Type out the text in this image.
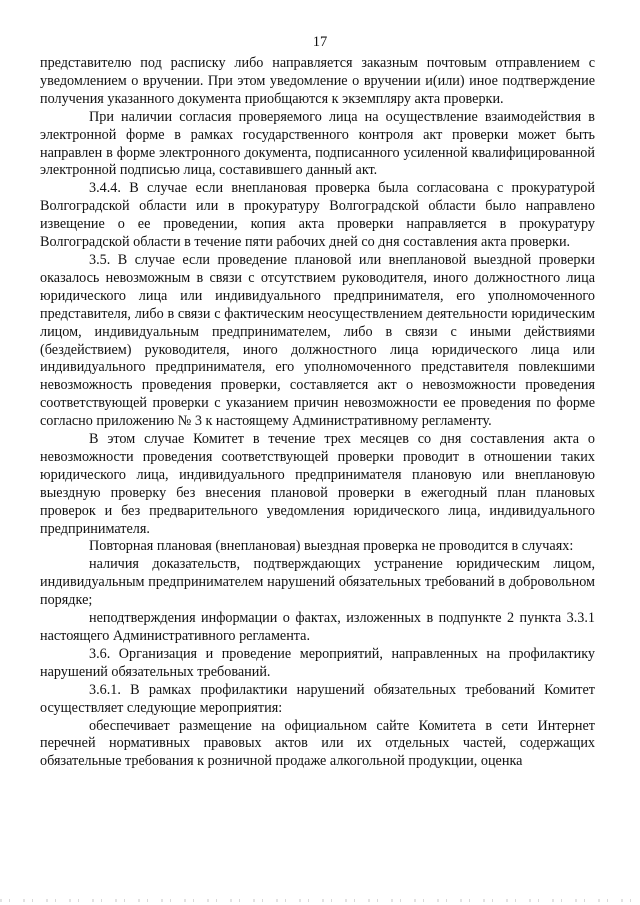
17

представителю под расписку либо направляется заказным почтовым отправлением с уведомлением о вручении. При этом уведомление о вручении и(или) иное подтверждение получения указанного документа приобщаются к экземпляру акта проверки.

При наличии согласия проверяемого лица на осуществление взаимодействия в электронной форме в рамках государственного контроля акт проверки может быть направлен в форме электронного документа, подписанного усиленной квалифицированной электронной подписью лица, составившего данный акт.

3.4.4. В случае если внеплановая проверка была согласована с прокуратурой Волгоградской области или в прокуратуру Волгоградской области было направлено извещение о ее проведении, копия акта проверки направляется в прокуратуру Волгоградской области в течение пяти рабочих дней со дня составления акта проверки.

3.5. В случае если проведение плановой или внеплановой выездной проверки оказалось невозможным в связи с отсутствием руководителя, иного должностного лица юридического лица или индивидуального предпринимателя, его уполномоченного представителя, либо в связи с фактическим неосуществлением деятельности юридическим лицом, индивидуальным предпринимателем, либо в связи с иными действиями (бездействием) руководителя, иного должностного лица юридического лица или индивидуального предпринимателя, его уполномоченного представителя повлекшими невозможность проведения проверки, составляется акт о невозможности проведения соответствующей проверки с указанием причин невозможности ее проведения по форме согласно приложению № 3 к настоящему Административному регламенту.

В этом случае Комитет в течение трех месяцев со дня составления акта о невозможности проведения соответствующей проверки проводит в отношении таких юридического лица, индивидуального предпринимателя плановую или внеплановую выездную проверку без внесения плановой проверки в ежегодный план плановых проверок и без предварительного уведомления юридического лица, индивидуального предпринимателя.

Повторная плановая (внеплановая) выездная проверка не проводится в случаях:

наличия доказательств, подтверждающих устранение юридическим лицом, индивидуальным предпринимателем нарушений обязательных требований в добровольном порядке;

неподтверждения информации о фактах, изложенных в подпункте 2 пункта 3.3.1 настоящего Административного регламента.

3.6. Организация и проведение мероприятий, направленных на профилактику нарушений обязательных требований.

3.6.1. В рамках профилактики нарушений обязательных требований Комитет осуществляет следующие мероприятия:

обеспечивает размещение на официальном сайте Комитета в сети Интернет перечней нормативных правовых актов или их отдельных частей, содержащих обязательные требования к розничной продаже алкогольной продукции, оценка
